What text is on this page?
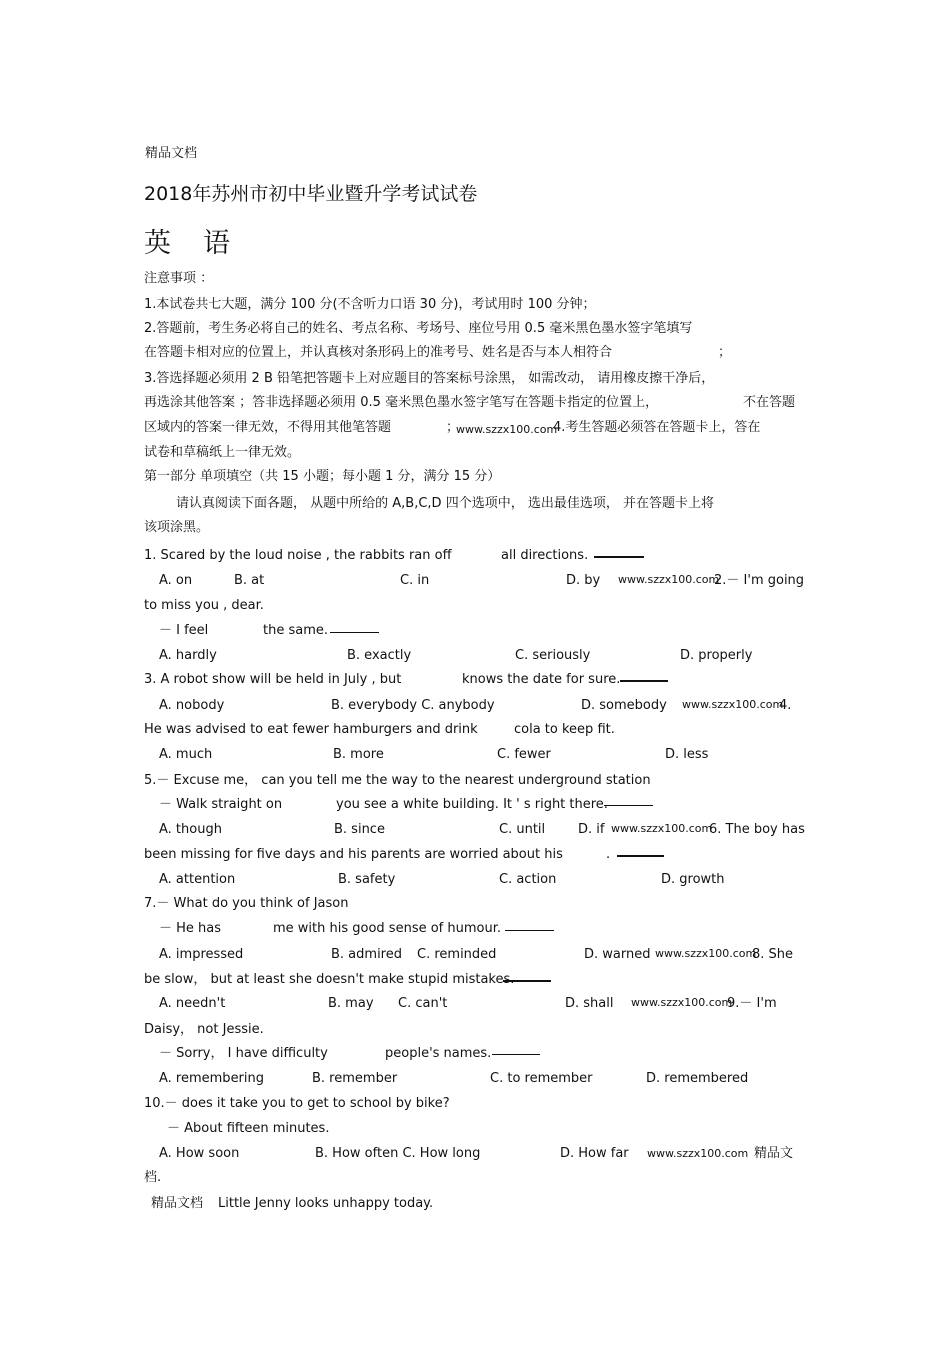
精品文档
2018年苏州市初中毕业暨升学考试试卷
英 语
注意事项 ：
1.本试卷共七大题，满分 100 分(不含听力口语 30 分)，考试用时 100 分钟；
2.答题前，考生务必将自己的姓名、考点名称、考场号、座位号用 0.5 毫米黑色墨水签字笔填写
在答题卡相对应的位置上，并认真核对条形码上的准考号、姓名是否与本人相符合	；
3.答选择题必须用 2 B 铅笔把答题卡上对应题目的答案标号涂黑， 如需改动， 请用橡皮擦干净后，
再选涂其他答案 ；答非选择题必须用 0.5 毫米黑色墨水签字笔写在答题卡指定的位置上，	不在答题
区域内的答案一律无效，不得用其他笔答题	；
www.szzx100.com
4.考生答题必须答在答题卡上，答在
试卷和草稿纸上一律无效。
第一部分 单项填空（共 15 小题；每小题 1 分，满分 15 分）
请认真阅读下面各题， 从题中所给的 A,B,C,D 四个选项中， 选出最佳选项， 并在答题卡上将
该项涂黑。
1. Scared by the loud noise , the rabbits ran off	all directions.
A. on	B. at	C. in	D. by www.szzx100.com
2.－ I'm going
to miss you , dear.
－ I feel	the same.
A. hardly	B. exactly	C. seriously	D. properly
3. A robot show will be held in July , but	knows the date for sure.
A. nobody	B. everybody C. anybody	D. somebody www.szzx100.com
4.
He was advised to eat fewer hamburgers and drink	cola to keep fit.
A. much	B. more	C. fewer	D. less
5.－ Excuse me， can you tell me the way to the nearest underground station
－ Walk straight on	you see a white building. It ' s right there.
A. though	B. since	C. until	D. if www.szzx100.com
6. The boy has
been missing for five days and his parents are worried about his	.
A. attention	B. safety	C. action	D. growth
7.－ What do you think of Jason
－ He has	me with his good sense of humour.
A. impressed	B. admired C. reminded	D. warned www.szzx100.com
8. She
be slow， but at least she doesn't make stupid mistakes.
A. needn't	B. may C. can't	D. shall www.szzx100.com
9.－ I'm
Daisy， not Jessie.
－ Sorry， I have difficulty	people's names.
A. remembering	B. remember	C. to remember	D. remembered
10.－ does it take you to get to school by bike?
－ About fifteen minutes.
A. How soon	B. How often C. How long	D. How far www.szzx100.com 精品文
档.
精品文档 Little Jenny looks unhappy today.
